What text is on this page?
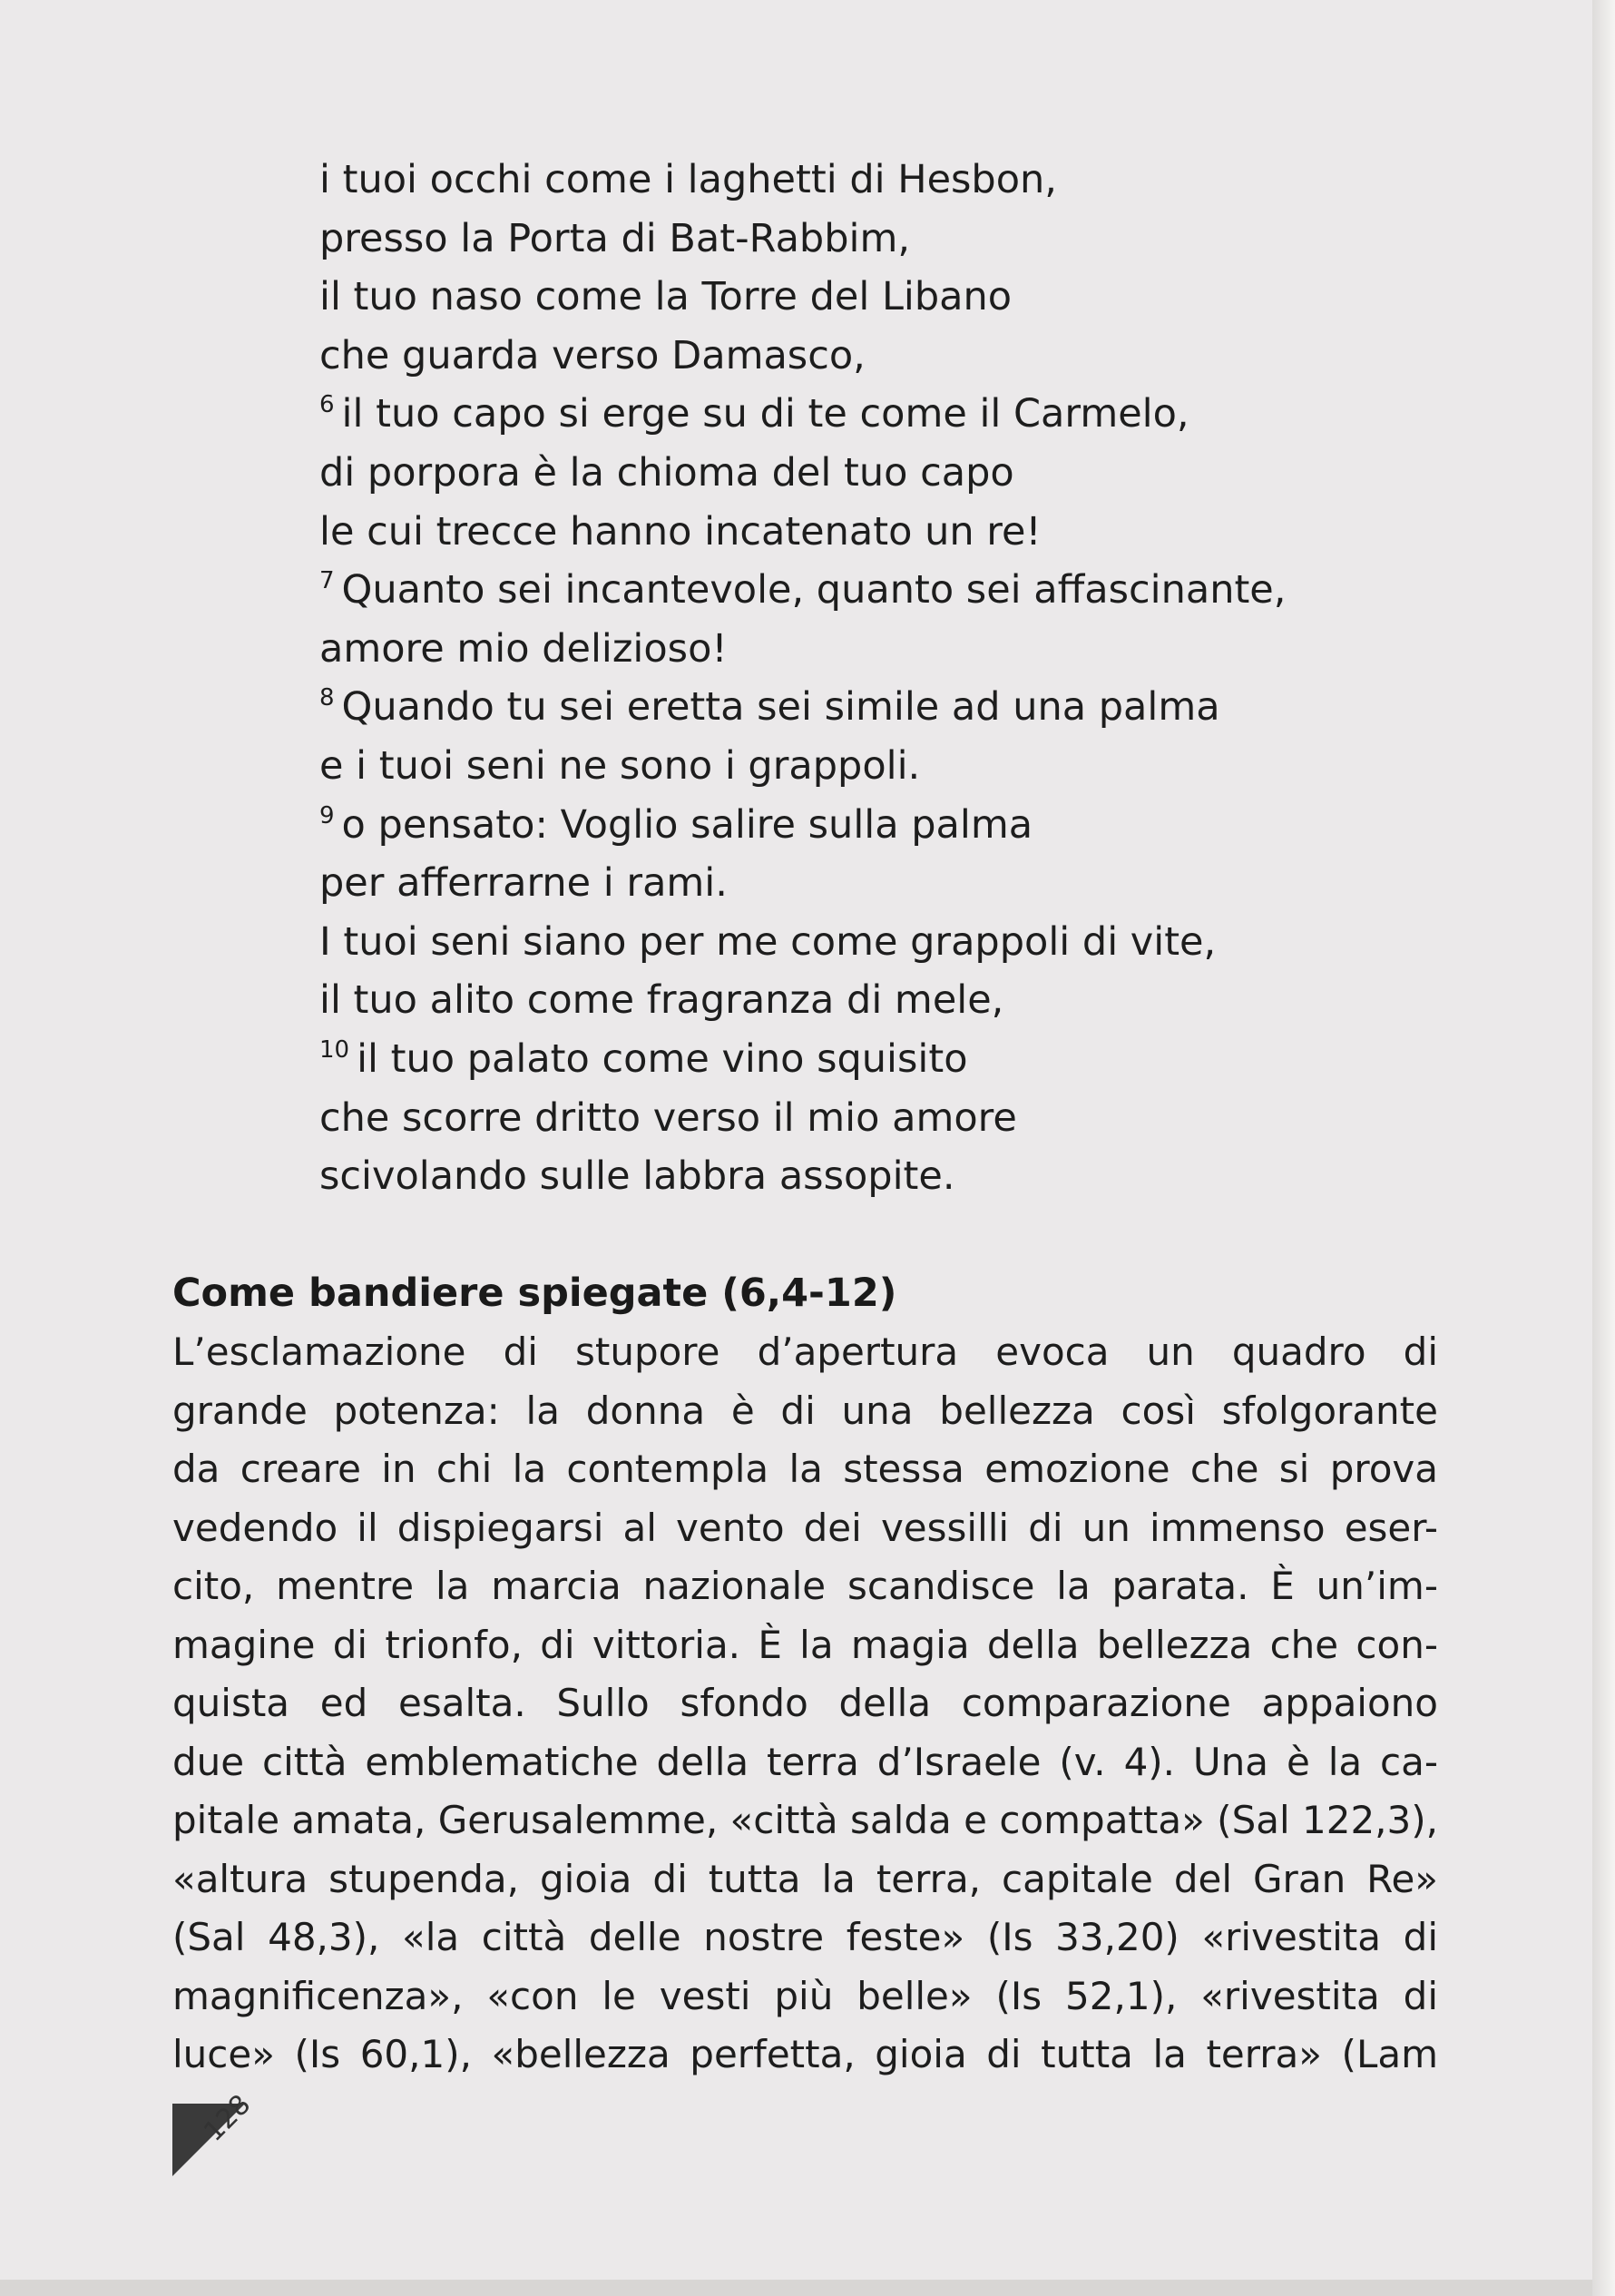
i tuoi occhi come i laghetti di Hesbon,
presso la Porta di Bat-Rabbim,
il tuo naso come la Torre del Libano
che guarda verso Damasco,
$^6$ il tuo capo si erge su di te come il Carmelo,
di porpora è la chioma del tuo capo
le cui trecce hanno incatenato un re!
$^7$ Quanto sei incantevole, quanto sei affascinante,
amore mio delizioso!
$^8$ Quando tu sei eretta sei simile ad una palma
e i tuoi seni ne sono i grappoli.
$^9$ o pensato: Voglio salire sulla palma
per afferrarne i rami.
I tuoi seni siano per me come grappoli di vite,
il tuo alito come fragranza di mele,
$^{10}$ il tuo palato come vino squisito
che scorre dritto verso il mio amore
scivolando sulle labbra assopite.
Come bandiere spiegate (6,4-12)
L’esclamazione di stupore d’apertura evoca un quadro di
grande potenza: la donna è di una bellezza così sfolgorante
da creare in chi la contempla la stessa emozione che si prova
vedendo il dispiegarsi al vento dei vessilli di un immenso eser-
cito, mentre la marcia nazionale scandisce la parata. È un’im-
magine di trionfo, di vittoria. È la magia della bellezza che con-
quista ed esalta. Sullo sfondo della comparazione appaiono
due città emblematiche della terra d’Israele (v. 4). Una è la ca-
pitale amata, Gerusalemme, «città salda e compatta» (Sal 122,3),
«altura stupenda, gioia di tutta la terra, capitale del Gran Re»
(Sal 48,3), «la città delle nostre feste» (Is 33,20) «rivestita di
magnificenza», «con le vesti più belle» (Is 52,1), «rivestita di
luce» (Is 60,1), «bellezza perfetta, gioia di tutta la terra» (Lam
128
